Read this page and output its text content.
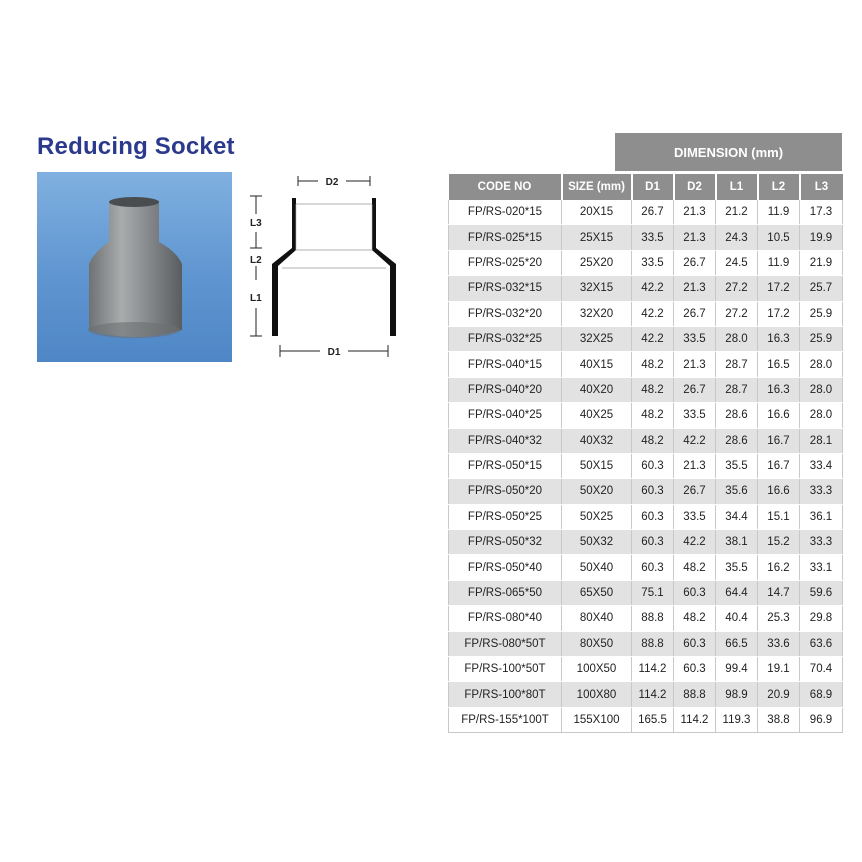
Reducing Socket
D2
L3
L2
L1
D1
DIMENSION (mm)
CODE NO	SIZE (mm)	D1	D2	L1	L2	L3
FP/RS-020*15	20X15	26.7	21.3	21.2	11.9	17.3
FP/RS-025*15	25X15	33.5	21.3	24.3	10.5	19.9
FP/RS-025*20	25X20	33.5	26.7	24.5	11.9	21.9
FP/RS-032*15	32X15	42.2	21.3	27.2	17.2	25.7
FP/RS-032*20	32X20	42.2	26.7	27.2	17.2	25.9
FP/RS-032*25	32X25	42.2	33.5	28.0	16.3	25.9
FP/RS-040*15	40X15	48.2	21.3	28.7	16.5	28.0
FP/RS-040*20	40X20	48.2	26.7	28.7	16.3	28.0
FP/RS-040*25	40X25	48.2	33.5	28.6	16.6	28.0
FP/RS-040*32	40X32	48.2	42.2	28.6	16.7	28.1
FP/RS-050*15	50X15	60.3	21.3	35.5	16.7	33.4
FP/RS-050*20	50X20	60.3	26.7	35.6	16.6	33.3
FP/RS-050*25	50X25	60.3	33.5	34.4	15.1	36.1
FP/RS-050*32	50X32	60.3	42.2	38.1	15.2	33.3
FP/RS-050*40	50X40	60.3	48.2	35.5	16.2	33.1
FP/RS-065*50	65X50	75.1	60.3	64.4	14.7	59.6
FP/RS-080*40	80X40	88.8	48.2	40.4	25.3	29.8
FP/RS-080*50T	80X50	88.8	60.3	66.5	33.6	63.6
FP/RS-100*50T	100X50	114.2	60.3	99.4	19.1	70.4
FP/RS-100*80T	100X80	114.2	88.8	98.9	20.9	68.9
FP/RS-155*100T	155X100	165.5	114.2	119.3	38.8	96.9
